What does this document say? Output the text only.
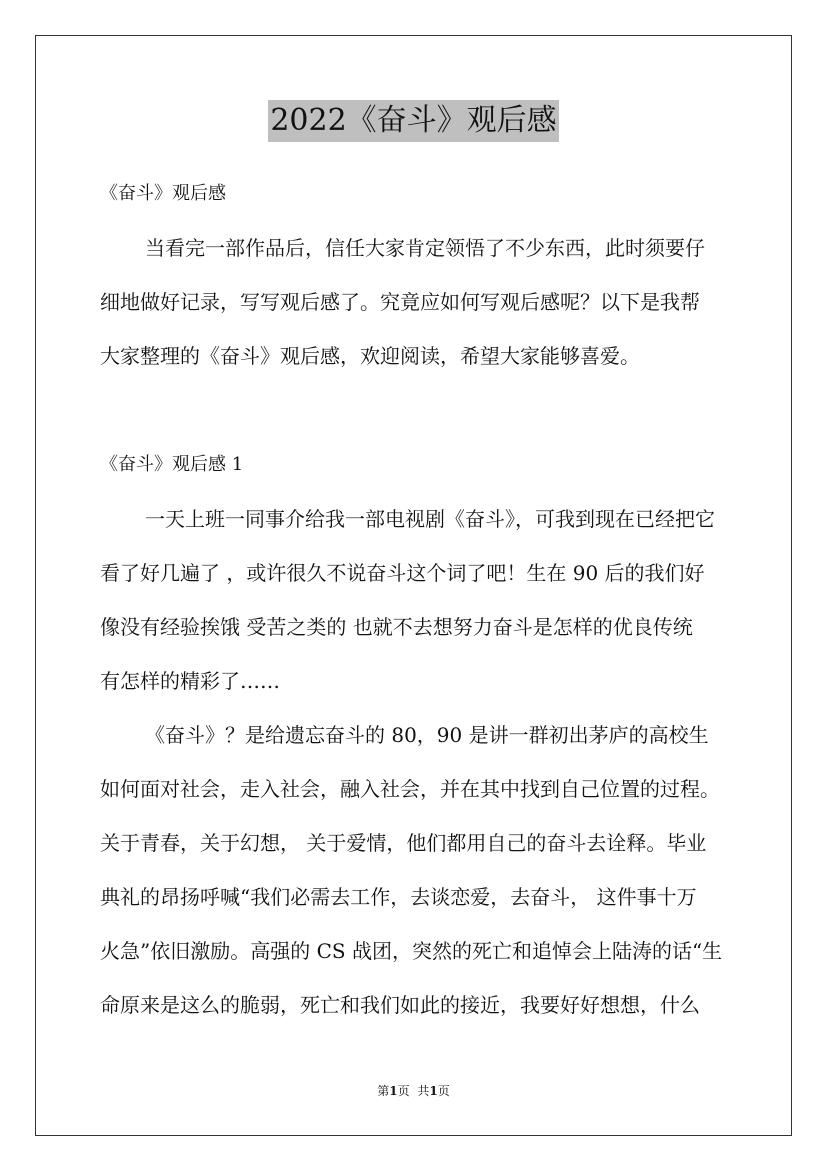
2022《奋斗》观后感
《奋斗》观后感
当看完一部作品后，信任大家肯定领悟了不少东西，此时须要仔
细地做好记录，写写观后感了。究竟应如何写观后感呢？以下是我帮
大家整理的《奋斗》观后感，欢迎阅读，希望大家能够喜爱。
《奋斗》观后感 1
一天上班一同事介给我一部电视剧《奋斗》，可我到现在已经把它
看了好几遍了 ，或许很久不说奋斗这个词了吧！生在 90 后的我们好
像没有经验挨饿 受苦之类的 也就不去想努力奋斗是怎样的优良传统
有怎样的精彩了……
《奋斗》？是给遗忘奋斗的 80，90 是讲一群初出茅庐的高校生
如何面对社会，走入社会，融入社会，并在其中找到自己位置的过程。
关于青春，关于幻想， 关于爱情，他们都用自己的奋斗去诠释。毕业
典礼的昂扬呼喊“我们必需去工作，去谈恋爱，去奋斗， 这件事十万
火急”依旧激励。高强的 CS 战团，突然的死亡和追悼会上陆涛的话“生
命原来是这么的脆弱，死亡和我们如此的接近，我要好好想想，什么
第1页 共1页
